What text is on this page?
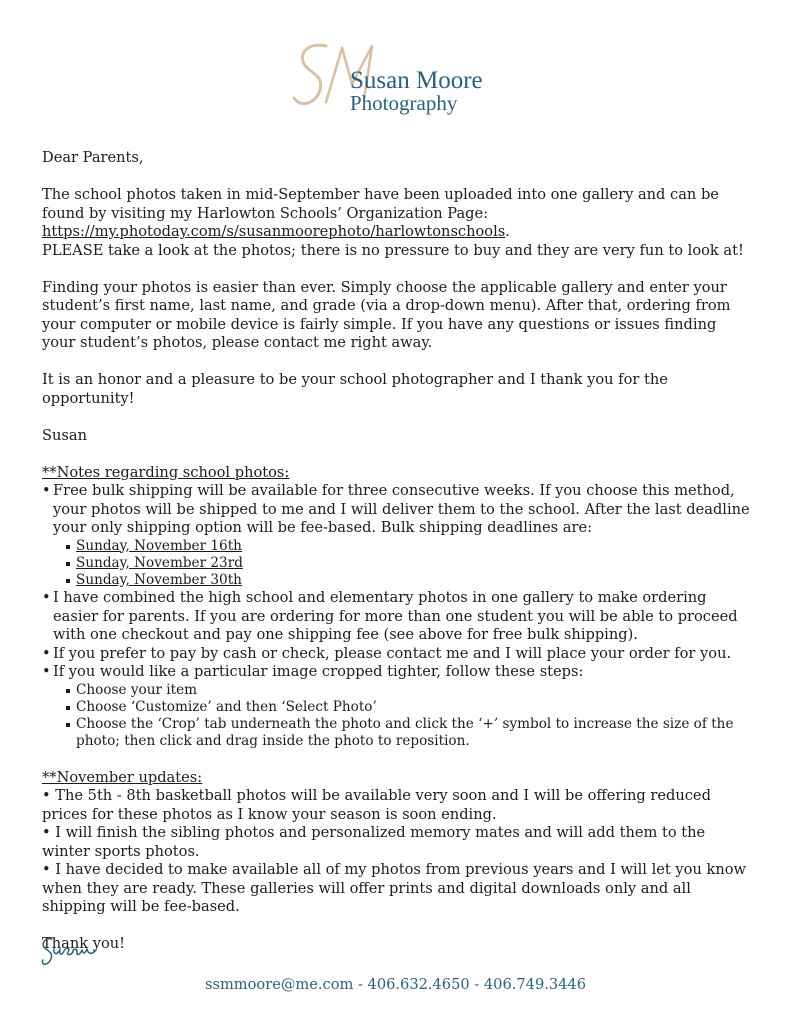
Susan Moore
Photography

Dear Parents,

The school photos taken in mid-September have been uploaded into one gallery and can be found by visiting my Harlowton Schools’ Organization Page:
https://my.photoday.com/s/susanmoorephoto/harlowtonschools.
PLEASE take a look at the photos; there is no pressure to buy and they are very fun to look at!

Finding your photos is easier than ever. Simply choose the applicable gallery and enter your student’s first name, last name, and grade (via a drop-down menu). After that, ordering from your computer or mobile device is fairly simple. If you have any questions or issues finding your student’s photos, please contact me right away.

It is an honor and a pleasure to be your school photographer and I thank you for the opportunity!

Susan

**Notes regarding school photos:

• Free bulk shipping will be available for three consecutive weeks. If you choose this method, your photos will be shipped to me and I will deliver them to the school. After the last deadline your only shipping option will be fee-based. Bulk shipping deadlines are:
Sunday, November 16th
Sunday, November 23rd
Sunday, November 30th
• I have combined the high school and elementary photos in one gallery to make ordering easier for parents. If you are ordering for more than one student you will be able to proceed with one checkout and pay one shipping fee (see above for free bulk shipping).
• If you prefer to pay by cash or check, please contact me and I will place your order for you.
• If you would like a particular image cropped tighter, follow these steps:
Choose your item
Choose ‘Customize’ and then ‘Select Photo’
Choose the ‘Crop’ tab underneath the photo and click the ‘+’ symbol to increase the size of the photo; then click and drag inside the photo to reposition.

**November updates:

• The 5th - 8th basketball photos will be available very soon and I will be offering reduced prices for these photos as I know your season is soon ending.

• I will finish the sibling photos and personalized memory mates and will add them to the winter sports photos.

• I have decided to make available all of my photos from previous years and I will let you know when they are ready. These galleries will offer prints and digital downloads only and all shipping will be fee-based.

Thank you!

ssmmoore@me.com - 406.632.4650 - 406.749.3446
